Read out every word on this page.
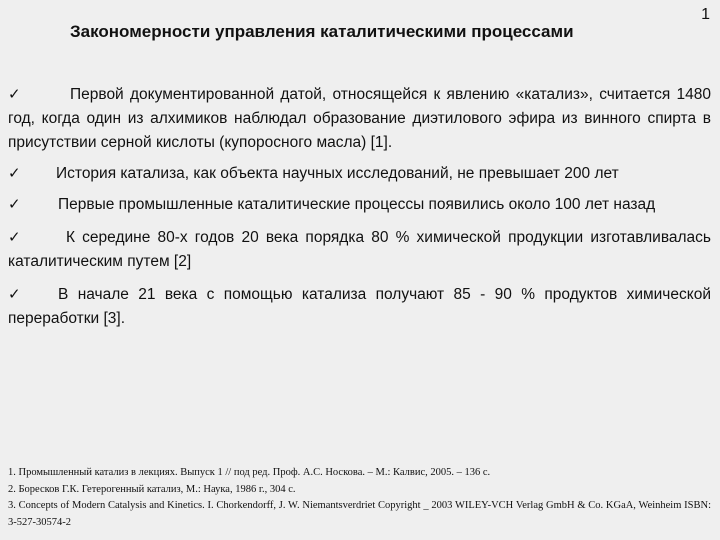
Закономерности управления каталитическими процессами
1
✓	Первой документированной датой, относящейся к явлению «катализ», считается 1480 год, когда один из алхимиков наблюдал образование диэтилового эфира из винного спирта в присутствии серной кислоты (купоросного масла) [1].
✓ История катализа, как объекта научных исследований, не превышает 200 лет
✓ Первые промышленные каталитические процессы появились около 100 лет назад
✓	К середине 80-х годов 20 века порядка 80 % химической продукции изготавливалась каталитическим путем [2]
✓ В начале 21 века с помощью катализа получают 85 - 90 % продуктов химической переработки [3].
1. Промышленный катализ в лекциях. Выпуск 1 // под ред. Проф. А.С. Носкова. – М.: Калвис, 2005. – 136 с.
2. Боресков Г.К. Гетерогенный катализ, М.: Наука, 1986 г., 304 с.
3. Concepts of Modern Catalysis and Kinetics. I. Chorkendorff, J. W. Niemantsverdriet Copyright _ 2003 WILEY-VCH Verlag GmbH & Co. KGaA, Weinheim ISBN: 3-527-30574-2
